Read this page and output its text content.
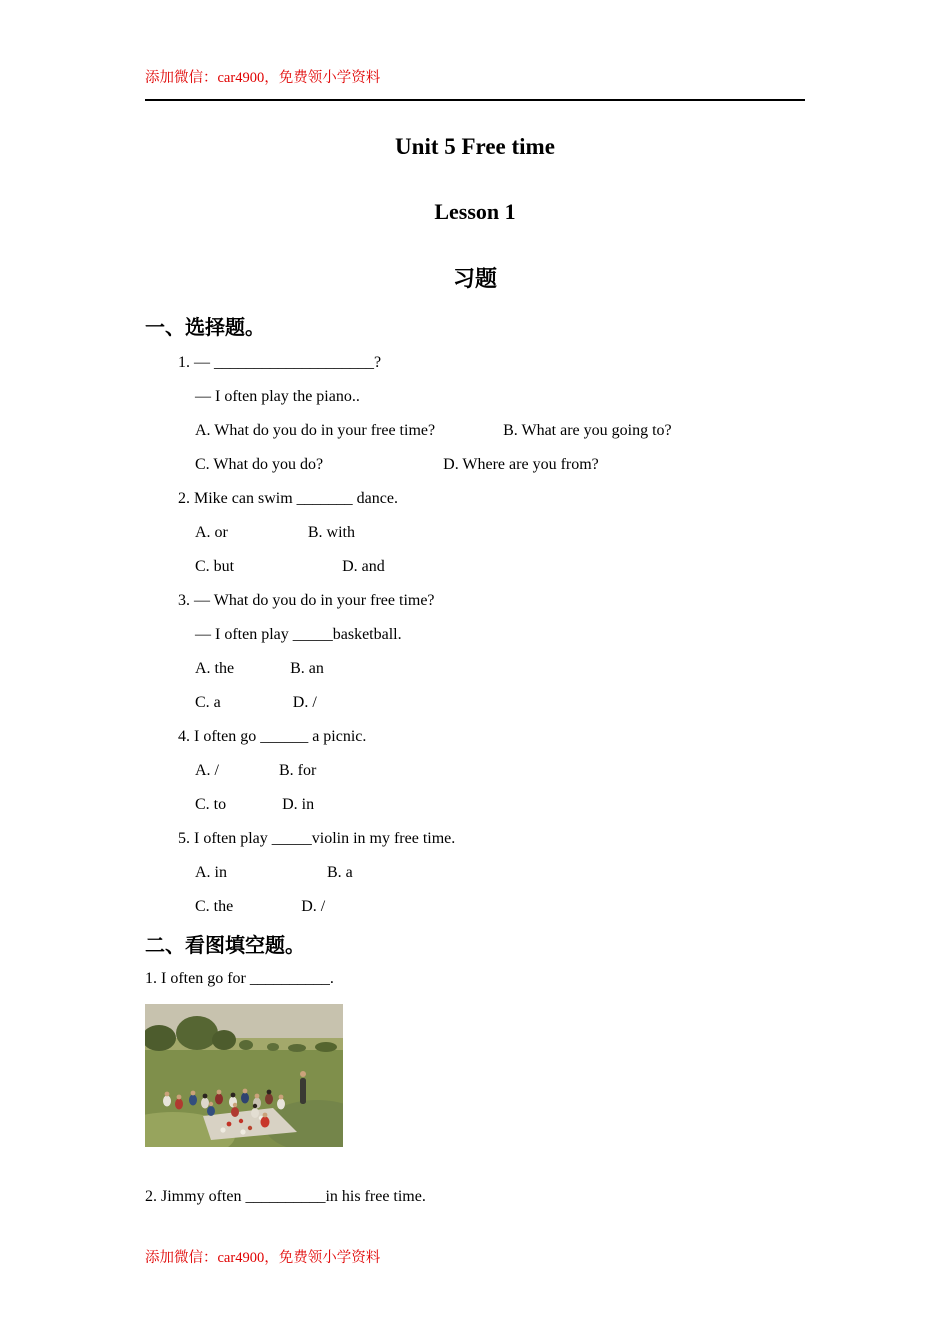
添加微信：car4900，免费领小学资料
Unit 5 Free time
Lesson 1
习题
一、选择题。
1. — ____________________?
— I often play the piano..
A. What do you do in your free time?                 B. What are you going to?
C. What do you do?                              D. Where are you from?
2. Mike can swim _______ dance.
A. or                    B. with
C. but                           D. and
3. — What do you do in your free time?
— I often play _____basketball.
A. the              B. an
C. a                  D. /
4. I often go ______ a picnic.
A. /               B. for
C. to              D. in
5. I often play _____violin in my free time.
A. in                         B. a
C. the                 D. /
二、看图填空题。
1. I often go for __________.
2. Jimmy often __________in his free time.
添加微信：car4900，免费领小学资料
